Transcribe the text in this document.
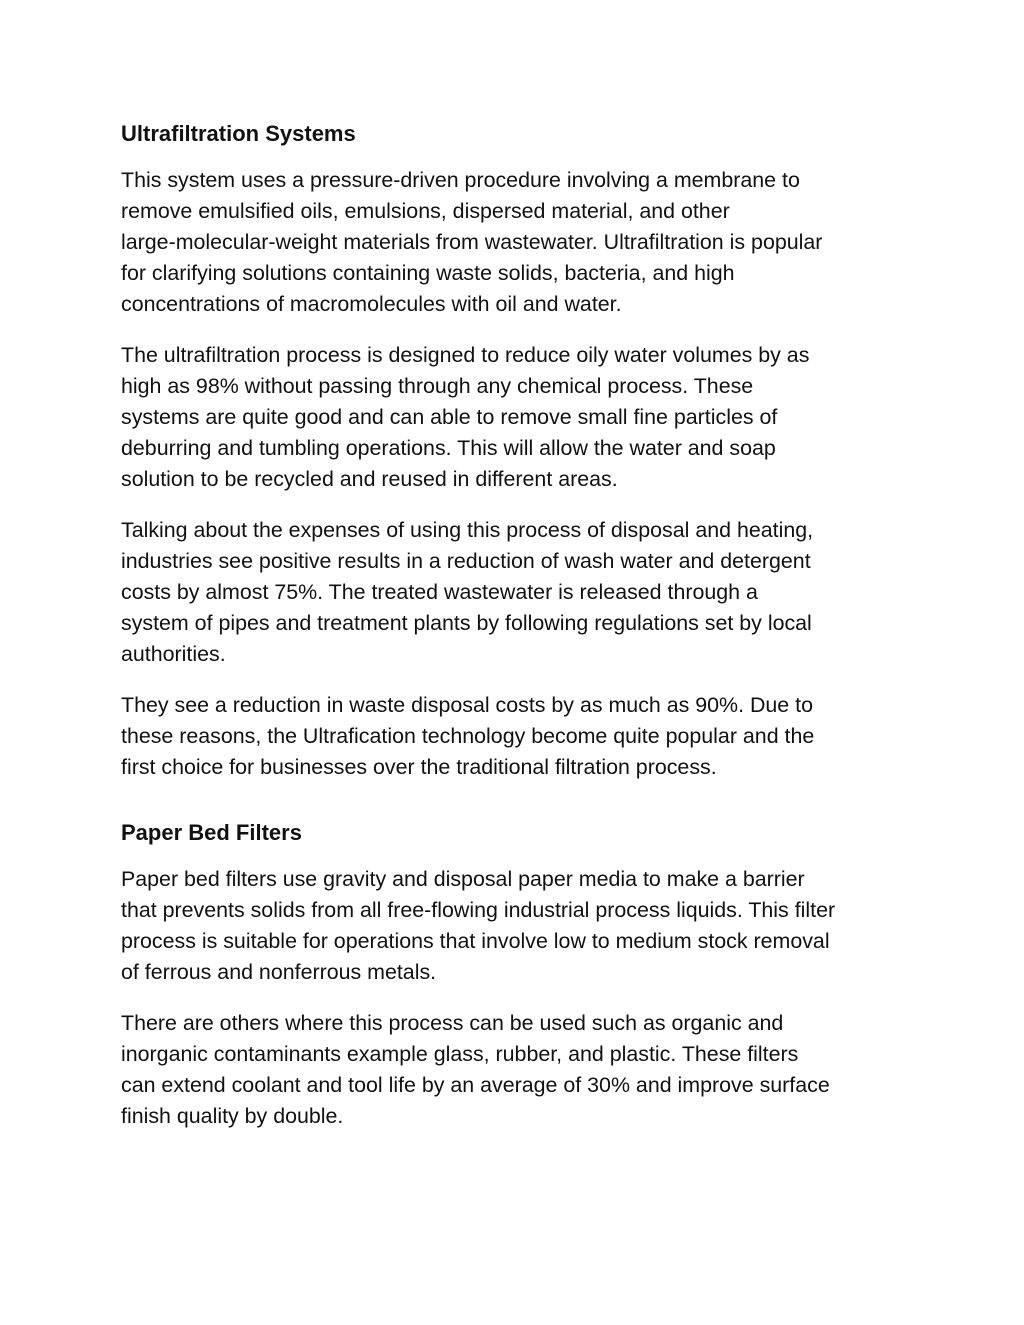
Ultrafiltration Systems

This system uses a pressure-driven procedure involving a membrane to
remove emulsified oils, emulsions, dispersed material, and other
large-molecular-weight materials from wastewater. Ultrafiltration is popular
for clarifying solutions containing waste solids, bacteria, and high
concentrations of macromolecules with oil and water.

The ultrafiltration process is designed to reduce oily water volumes by as
high as 98% without passing through any chemical process. These
systems are quite good and can able to remove small fine particles of
deburring and tumbling operations. This will allow the water and soap
solution to be recycled and reused in different areas.

Talking about the expenses of using this process of disposal and heating,
industries see positive results in a reduction of wash water and detergent
costs by almost 75%. The treated wastewater is released through a
system of pipes and treatment plants by following regulations set by local
authorities.

They see a reduction in waste disposal costs by as much as 90%. Due to
these reasons, the Ultrafication technology become quite popular and the
first choice for businesses over the traditional filtration process.

Paper Bed Filters

Paper bed filters use gravity and disposal paper media to make a barrier
that prevents solids from all free-flowing industrial process liquids. This filter
process is suitable for operations that involve low to medium stock removal
of ferrous and nonferrous metals.

There are others where this process can be used such as organic and
inorganic contaminants example glass, rubber, and plastic. These filters
can extend coolant and tool life by an average of 30% and improve surface
finish quality by double.
